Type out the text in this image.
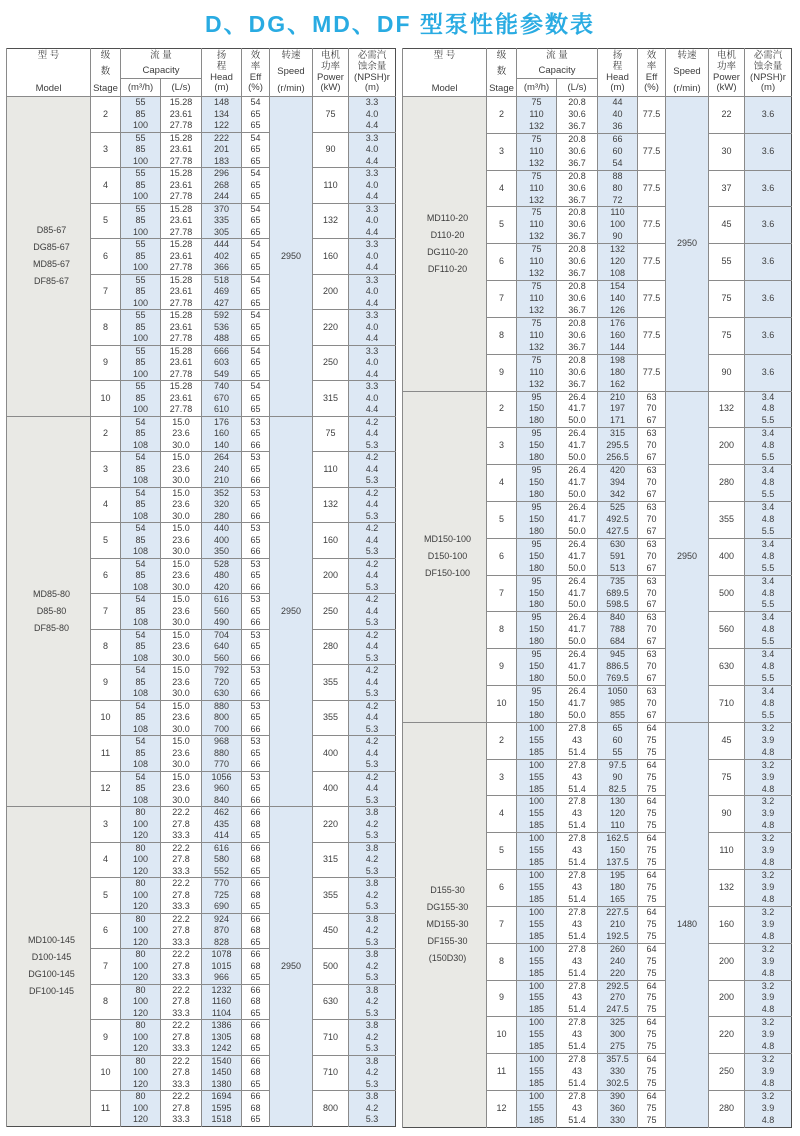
D、DG、MD、DF 型泵性能参数表
型 号
Model

级
数
Stage

流 量
Capacity

扬
程
Head
(m)

效
率
Eff
(%)

转速
Speed
(r/min)

电机
功率
Power
(kW)

必需汽
蚀余量
(NPSH)r
(m)

		(m³/h)	(L/s)					

D85-67
DG85-67
MD85-67
DF85-67	2	55	15.28	148	54	2950	75	3.3
		85	23.61	134	65			4.0
		100	27.78	122	65			4.4
	3	55	15.28	222	54		90	3.3
		85	23.61	201	65			4.0
		100	27.78	183	65			4.4
	4	55	15.28	296	54		110	3.3
		85	23.61	268	65			4.0
		100	27.78	244	65			4.4
	5	55	15.28	370	54		132	3.3
		85	23.61	335	65			4.0
		100	27.78	305	65			4.4
	6	55	15.28	444	54		160	3.3
		85	23.61	402	65			4.0
		100	27.78	366	65			4.4
	7	55	15.28	518	54		200	3.3
		85	23.61	469	65			4.0
		100	27.78	427	65			4.4
	8	55	15.28	592	54		220	3.3
		85	23.61	536	65			4.0
		100	27.78	488	65			4.4
	9	55	15.28	666	54		250	3.3
		85	23.61	603	65			4.0
		100	27.78	549	65			4.4
	10	55	15.28	740	54		315	3.3
		85	23.61	670	65			4.0
		100	27.78	610	65			4.4

MD85-80
D85-80
DF85-80	2	54	15.0	176	53	2950	75	4.2
		85	23.6	160	65			4.4
		108	30.0	140	66			5.3
	3	54	15.0	264	53		110	4.2
		85	23.6	240	65			4.4
		108	30.0	210	66			5.3
	4	54	15.0	352	53		132	4.2
		85	23.6	320	65			4.4
		108	30.0	280	66			5.3
	5	54	15.0	440	53		160	4.2
		85	23.6	400	65			4.4
		108	30.0	350	66			5.3
	6	54	15.0	528	53		200	4.2
		85	23.6	480	65			4.4
		108	30.0	420	66			5.3
	7	54	15.0	616	53		250	4.2
		85	23.6	560	65			4.4
		108	30.0	490	66			5.3
	8	54	15.0	704	53		280	4.2
		85	23.6	640	65			4.4
		108	30.0	560	66			5.3
	9	54	15.0	792	53		355	4.2
		85	23.6	720	65			4.4
		108	30.0	630	66			5.3
	10	54	15.0	880	53		355	4.2
		85	23.6	800	65			4.4
		108	30.0	700	66			5.3
	11	54	15.0	968	53		400	4.2
		85	23.6	880	65			4.4
		108	30.0	770	66			5.3
	12	54	15.0	1056	53		400	4.2
		85	23.6	960	65			4.4
		108	30.0	840	66			5.3

MD100-145
D100-145
DG100-145
DF100-145	3	80	22.2	462	66	2950	220	3.8
		100	27.8	435	68			4.2
		120	33.3	414	65			5.3
	4	80	22.2	616	66		315	3.8
		100	27.8	580	68			4.2
		120	33.3	552	65			5.3
	5	80	22.2	770	66		355	3.8
		100	27.8	725	68			4.2
		120	33.3	690	65			5.3
	6	80	22.2	924	66		450	3.8
		100	27.8	870	68			4.2
		120	33.3	828	65			5.3
	7	80	22.2	1078	66		500	3.8
		100	27.8	1015	68			4.2
		120	33.3	966	65			5.3
	8	80	22.2	1232	66		630	3.8
		100	27.8	1160	68			4.2
		120	33.3	1104	65			5.3
	9	80	22.2	1386	66		710	3.8
		100	27.8	1305	68			4.2
		120	33.3	1242	65			5.3
	10	80	22.2	1540	66		710	3.8
		100	27.8	1450	68			4.2
		120	33.3	1380	65			5.3
	11	80	22.2	1694	66		800	3.8
		100	27.8	1595	68			4.2
		120	33.3	1518	65			5.3
型 号
Model

级
数
Stage

流 量
Capacity

扬
程
Head
(m)

效
率
Eff
(%)

转速
Speed
(r/min)

电机
功率
Power
(kW)

必需汽
蚀余量
(NPSH)r
(m)

		(m³/h)	(L/s)					

MD110-20
D110-20
DG110-20
DF110-20	2	75	20.8	44	77.5	2950	22	3.6
		110	30.6	40				
		132	36.7	36				
	3	75	20.8	66	77.5		30	3.6
		110	30.6	60				
		132	36.7	54				
	4	75	20.8	88	77.5		37	3.6
		110	30.6	80				
		132	36.7	72				
	5	75	20.8	110	77.5		45	3.6
		110	30.6	100				
		132	36.7	90				
	6	75	20.8	132	77.5		55	3.6
		110	30.6	120				
		132	36.7	108				
	7	75	20.8	154	77.5		75	3.6
		110	30.6	140				
		132	36.7	126				
	8	75	20.8	176	77.5		75	3.6
		110	30.6	160				
		132	36.7	144				
	9	75	20.8	198	77.5		90	3.6
		110	30.6	180				
		132	36.7	162				

MD150-100
D150-100
DF150-100	2	95	26.4	210	63	2950	132	3.4
		150	41.7	197	70			4.8
		180	50.0	171	67			5.5
	3	95	26.4	315	63		200	3.4
		150	41.7	295.5	70			4.8
		180	50.0	256.5	67			5.5
	4	95	26.4	420	63		280	3.4
		150	41.7	394	70			4.8
		180	50.0	342	67			5.5
	5	95	26.4	525	63		355	3.4
		150	41.7	492.5	70			4.8
		180	50.0	427.5	67			5.5
	6	95	26.4	630	63		400	3.4
		150	41.7	591	70			4.8
		180	50.0	513	67			5.5
	7	95	26.4	735	63		500	3.4
		150	41.7	689.5	70			4.8
		180	50.0	598.5	67			5.5
	8	95	26.4	840	63		560	3.4
		150	41.7	788	70			4.8
		180	50.0	684	67			5.5
	9	95	26.4	945	63		630	3.4
		150	41.7	886.5	70			4.8
		180	50.0	769.5	67			5.5
	10	95	26.4	1050	63		710	3.4
		150	41.7	985	70			4.8
		180	50.0	855	67			5.5

D155-30
DG155-30
MD155-30
DF155-30
(150D30)	2	100	27.8	65	64	1480	45	3.2
		155	43	60	75			3.9
		185	51.4	55	75			4.8
	3	100	27.8	97.5	64		75	3.2
		155	43	90	75			3.9
		185	51.4	82.5	75			4.8
	4	100	27.8	130	64		90	3.2
		155	43	120	75			3.9
		185	51.4	110	75			4.8
	5	100	27.8	162.5	64		110	3.2
		155	43	150	75			3.9
		185	51.4	137.5	75			4.8
	6	100	27.8	195	64		132	3.2
		155	43	180	75			3.9
		185	51.4	165	75			4.8
	7	100	27.8	227.5	64		160	3.2
		155	43	210	75			3.9
		185	51.4	192.5	75			4.8
	8	100	27.8	260	64		200	3.2
		155	43	240	75			3.9
		185	51.4	220	75			4.8
	9	100	27.8	292.5	64		200	3.2
		155	43	270	75			3.9
		185	51.4	247.5	75			4.8
	10	100	27.8	325	64		220	3.2
		155	43	300	75			3.9
		185	51.4	275	75			4.8
	11	100	27.8	357.5	64		250	3.2
		155	43	330	75			3.9
		185	51.4	302.5	75			4.8
	12	100	27.8	390	64		280	3.2
		155	43	360	75			3.9
		185	51.4	330	75			4.8
